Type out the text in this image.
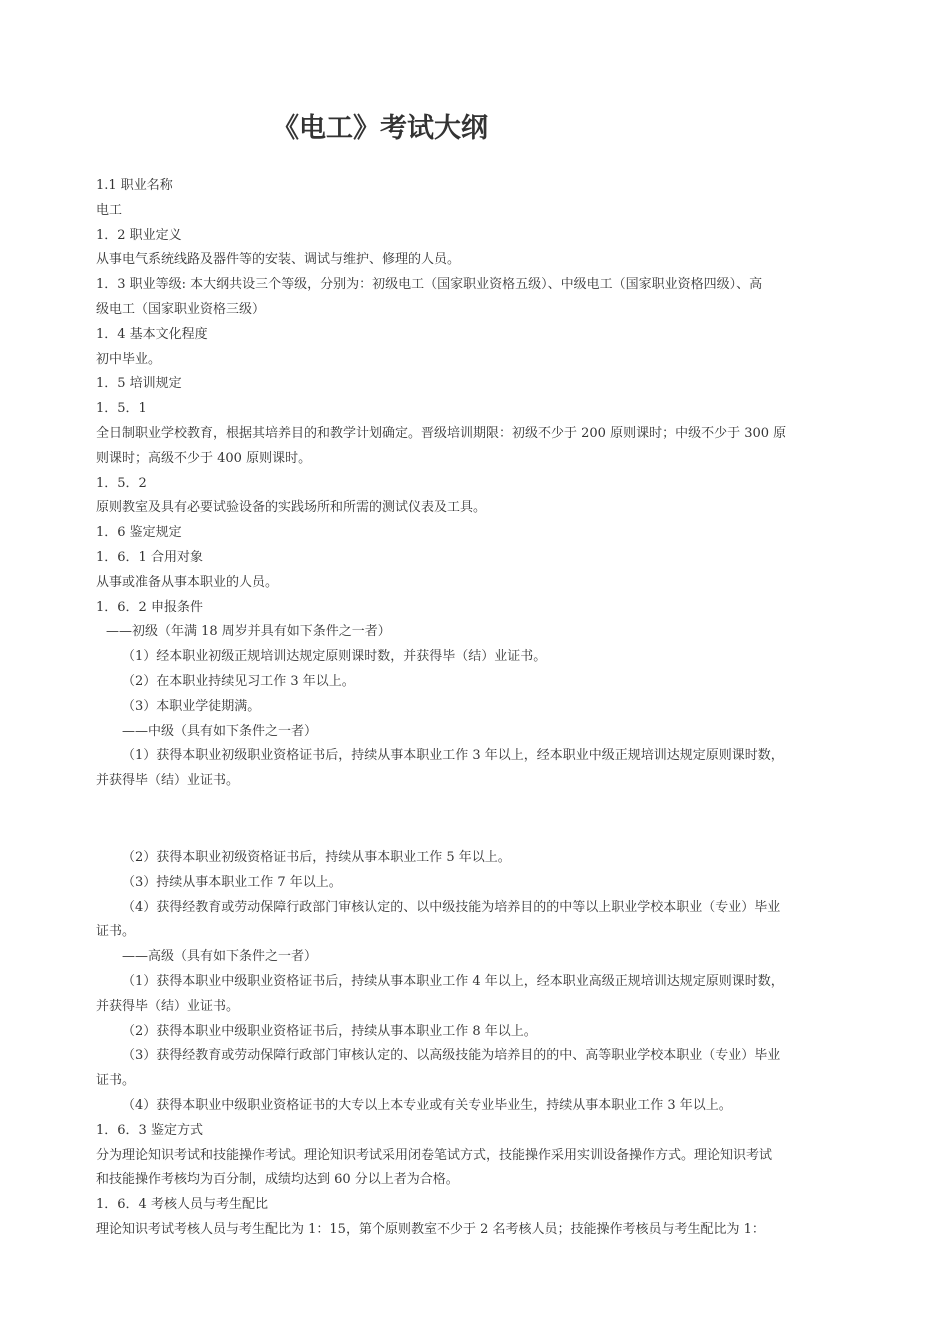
《电工》考试大纲
1.1 职业名称
电工
1．2 职业定义
从事电气系统线路及器件等的安装、调试与维护、修理的人员。
1．3 职业等级: 本大纲共设三个等级，分别为：初级电工（国家职业资格五级）、中级电工（国家职业资格四级）、高
级电工（国家职业资格三级）
1．4 基本文化程度
初中毕业。
1．5 培训规定
1．5．1
全日制职业学校教育，根据其培养目的和教学计划确定。晋级培训期限：初级不少于 200 原则课时；中级不少于 300 原
则课时；高级不少于 400 原则课时。
1．5．2
原则教室及具有必要试验设备的实践场所和所需的测试仪表及工具。
1．6 鉴定规定
1．6．1 合用对象
从事或准备从事本职业的人员。
1．6．2 申报条件
——初级（年满 18 周岁并具有如下条件之一者）
（1）经本职业初级正规培训达规定原则课时数，并获得毕（结）业证书。
（2）在本职业持续见习工作 3 年以上。
（3）本职业学徒期满。
——中级（具有如下条件之一者）
（1）获得本职业初级职业资格证书后，持续从事本职业工作 3 年以上，经本职业中级正规培训达规定原则课时数，
并获得毕（结）业证书。
（2）获得本职业初级资格证书后，持续从事本职业工作 5 年以上。
（3）持续从事本职业工作 7 年以上。
（4）获得经教育或劳动保障行政部门审核认定的、以中级技能为培养目的的中等以上职业学校本职业（专业）毕业
证书。
——高级（具有如下条件之一者）
（1）获得本职业中级职业资格证书后，持续从事本职业工作 4 年以上，经本职业高级正规培训达规定原则课时数，
并获得毕（结）业证书。
（2）获得本职业中级职业资格证书后，持续从事本职业工作 8 年以上。
（3）获得经教育或劳动保障行政部门审核认定的、以高级技能为培养目的的中、高等职业学校本职业（专业）毕业
证书。
（4）获得本职业中级职业资格证书的大专以上本专业或有关专业毕业生，持续从事本职业工作 3 年以上。
1．6．3 鉴定方式
分为理论知识考试和技能操作考试。理论知识考试采用闭卷笔试方式，技能操作采用实训设备操作方式。理论知识考试
和技能操作考核均为百分制，成绩均达到 60 分以上者为合格。
1．6．4 考核人员与考生配比
理论知识考试考核人员与考生配比为 1：15，第个原则教室不少于 2 名考核人员；技能操作考核员与考生配比为 1：
